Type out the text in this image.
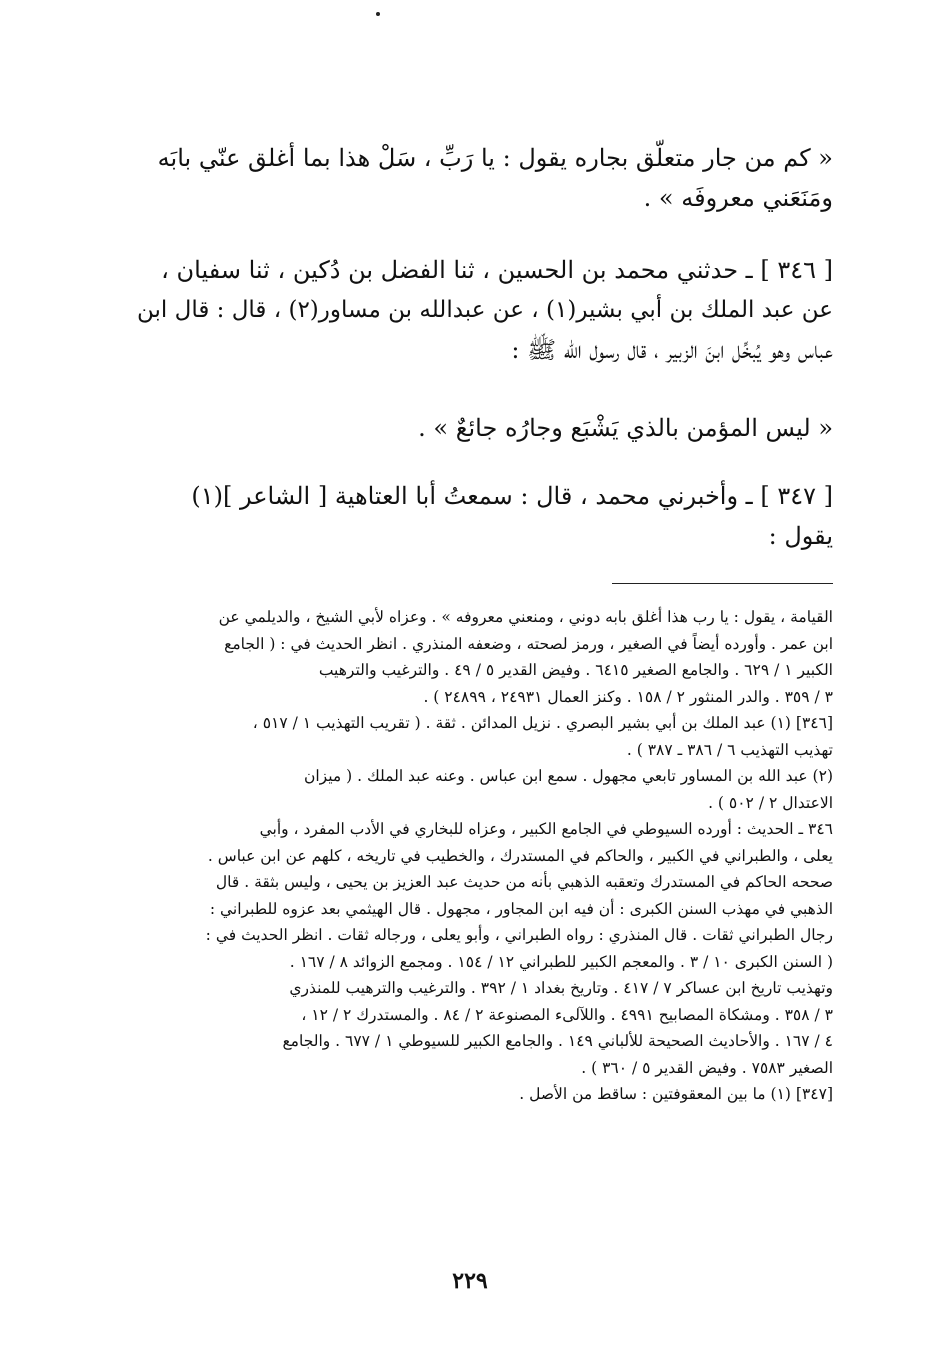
« كم من جار متعلّق بجاره يقول : يا رَبِّ ، سَلْ هذا بما أغلق عنّي بابَه
ومَنَعَني معروفَه » .
[ ٣٤٦ ] ـ حدثني محمد بن الحسين ، ثنا الفضل بن دُكين ، ثنا سفيان ،
عن عبد الملك بن أبي بشير(١) ، عن عبدالله بن مساور(٢) ، قال : قال ابن
عباس وهو يُبخِّل ابنَ الزبير ، قال رسول الله ﷺ :
« ليس المؤمن بالذي يَشْبَع وجارُه جائعٌ » .
[ ٣٤٧ ] ـ وأخبرني محمد ، قال : سمعتُ أبا العتاهية [ الشاعر ](١)
يقول :
القيامة ، يقول : يا رب هذا أغلق بابه دوني ، ومنعني معروفه » . وعزاه لأبي الشيخ ، والديلمي عن
ابن عمر . وأورده أيضاً في الصغير ، ورمز لصحته ، وضعفه المنذري . انظر الحديث في : ( الجامع
الكبير ١ / ٦٢٩ . والجامع الصغير ٦٤١٥ . وفيض القدير ٥ / ٤٩ . والترغيب والترهيب
٣ / ٣٥٩ . والدر المنثور ٢ / ١٥٨ . وكنز العمال ٢٤٩٣١ ، ٢٤٨٩٩ ) .
[٣٤٦] (١) عبد الملك بن أبي بشير البصري . نزيل المدائن . ثقة . ( تقريب التهذيب ١ / ٥١٧ ،
تهذيب التهذيب ٦ / ٣٨٦ ـ ٣٨٧ ) .
(٢) عبد الله بن المساور تابعي مجهول . سمع ابن عباس . وعنه عبد الملك . ( ميزان
الاعتدال ٢ / ٥٠٢ ) .
٣٤٦ ـ الحديث : أورده السيوطي في الجامع الكبير ، وعزاه للبخاري في الأدب المفرد ، وأبي
يعلى ، والطبراني في الكبير ، والحاكم في المستدرك ، والخطيب في تاريخه ، كلهم عن ابن عباس .
صححه الحاكم في المستدرك وتعقبه الذهبي بأنه من حديث عبد العزيز بن يحيى ، وليس بثقة . قال
الذهبي في مهذب السنن الكبرى : أن فيه ابن المجاور ، مجهول . قال الهيثمي بعد عزوه للطبراني :
رجال الطبراني ثقات . قال المنذري : رواه الطبراني ، وأبو يعلى ، ورجاله ثقات . انظر الحديث في :
( السنن الكبرى ١٠ / ٣ . والمعجم الكبير للطبراني ١٢ / ١٥٤ . ومجمع الزوائد ٨ / ١٦٧ .
وتهذيب تاريخ ابن عساكر ٧ / ٤١٧ . وتاريخ بغداد ١ / ٣٩٢ . والترغيب والترهيب للمنذري
٣ / ٣٥٨ . ومشكاة المصابيح ٤٩٩١ . واللآلىء المصنوعة ٢ / ٨٤ . والمستدرك ٢ / ١٢ ،
٤ / ١٦٧ . والأحاديث الصحيحة للألباني ١٤٩ . والجامع الكبير للسيوطي ١ / ٦٧٧ . والجامع
الصغير ٧٥٨٣ . وفيض القدير ٥ / ٣٦٠ ) .
[٣٤٧] (١) ما بين المعقوفتين : ساقط من الأصل .
٢٢٩
